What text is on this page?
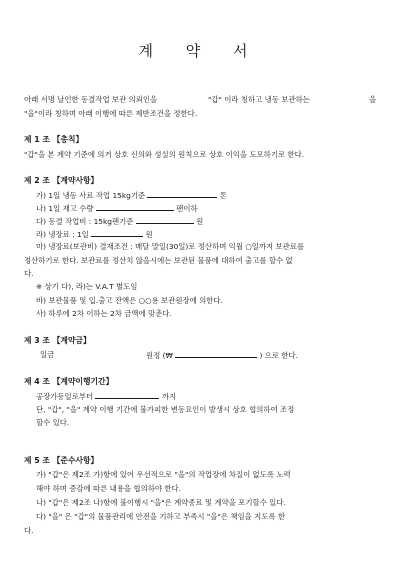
계 약 서
아래 서명 날인한 동결작업 보관 의뢰인을	"갑" 이라 칭하고 냉동 보관하는	을
"을"이라 칭하며 아래 이행에 따른 제반조건을 정한다.
제 1 조 【총칙】
"갑"을 본 계약 기준에 의거 상호 신의와 성실의 원칙으로 상호 이익을 도모하기로 한다.
제 2 조 【계약사항】
가) 1일 냉동 사료 작업 15kg기준	톤
나) 1일 재고 수량	팬이하
다) 동결 작업비 : 15kg팬기준	원
라) 냉장료 : 1일	원
마) 냉장료(보관비) 결재조건 : 매달 말일(30일)로 정산하며 익월 ○일까지 보관료를
정산하기로 한다. 보관료를 정산치 않을시에는 보관된 물품에 대하여 출고를 할수 없
다.
※ 상기 다), 라)는 V.A.T 별도임
바) 보관물품 및 입.출고 잔액은 ○○용 보관원장에 의한다.
사) 하루에 2차 이하는 2차 금액에 맞춘다.
제 3 조 【계약금】
일금	원정 (₩	) 으로 한다.
제 4 조 【계약이행기간】
공장가동일로부터	까지
단, "갑", "을" 계약 이행 기간에 불가피한 변동요인이 발생시 상호 협의하여 조정
할수 있다.
제 5 조 【준수사항】
가) "갑"은 제2조 가)항에 있어 우선적으로 "을"의 작업장에 차질이 없도록 노력
해야 하며 증감에 따른 내용을 협의하야 한다.
나) "갑"은 제2조 나)항에 불이행시 "을"은 계약종료 및 계약을 포기할수 있다.
다) "을" 은 "갑"의 물품관리에 안전을 기하고 부족시 "을"은 책임을 지도록 한
다.
